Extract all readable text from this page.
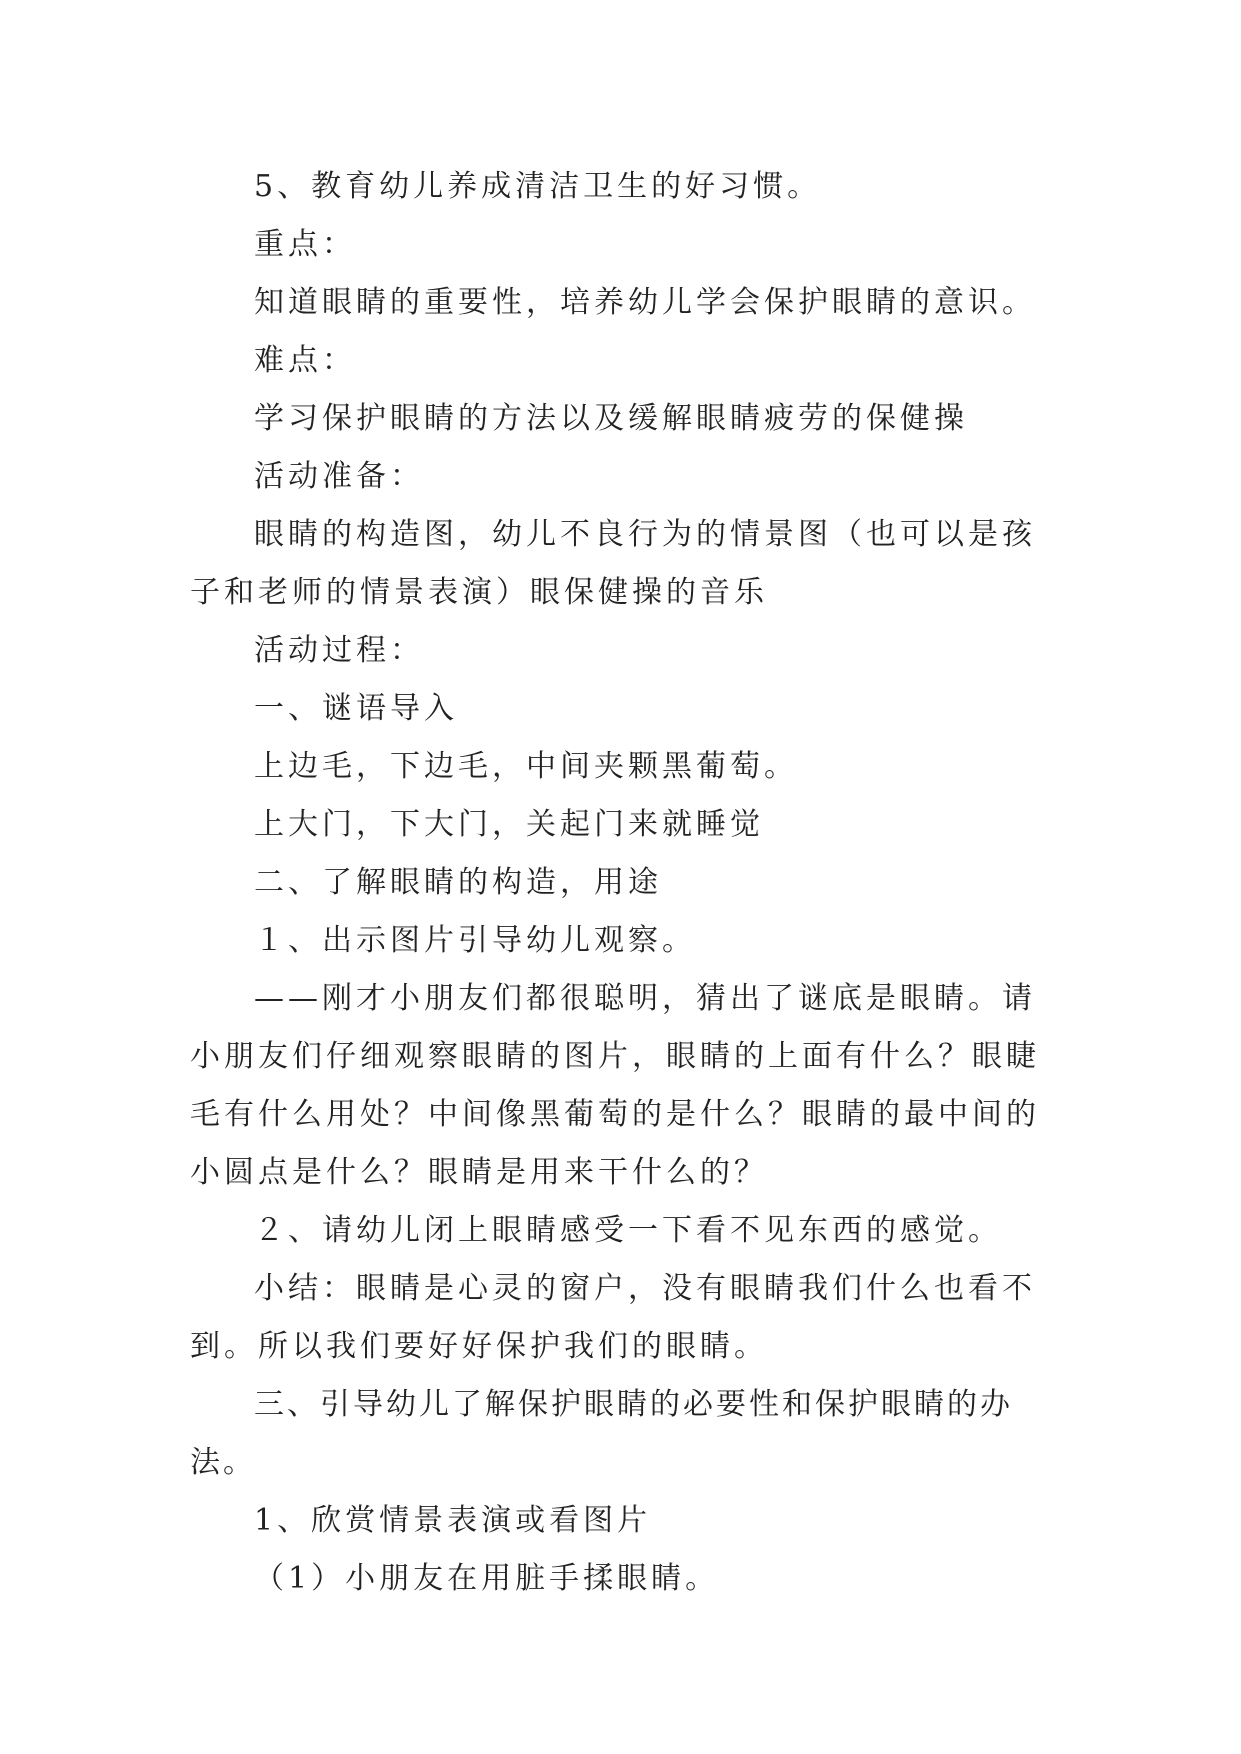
5、教育幼儿养成清洁卫生的好习惯。

重点：

知道眼睛的重要性，培养幼儿学会保护眼睛的意识。

难点：

学习保护眼睛的方法以及缓解眼睛疲劳的保健操

活动准备：

眼睛的构造图，幼儿不良行为的情景图（也可以是孩子和老师的情景表演）眼保健操的音乐

活动过程：

一、谜语导入

上边毛，下边毛，中间夹颗黑葡萄。

上大门，下大门，关起门来就睡觉

二、了解眼睛的构造，用途

１、出示图片引导幼儿观察。

——刚才小朋友们都很聪明，猜出了谜底是眼睛。请小朋友们仔细观察眼睛的图片，眼睛的上面有什么？眼睫毛有什么用处？中间像黑葡萄的是什么？眼睛的最中间的小圆点是什么？眼睛是用来干什么的？

２、请幼儿闭上眼睛感受一下看不见东西的感觉。

小结：眼睛是心灵的窗户，没有眼睛我们什么也看不到。所以我们要好好保护我们的眼睛。

三、引导幼儿了解保护眼睛的必要性和保护眼睛的办法。

1、欣赏情景表演或看图片

（1）小朋友在用脏手揉眼睛。
